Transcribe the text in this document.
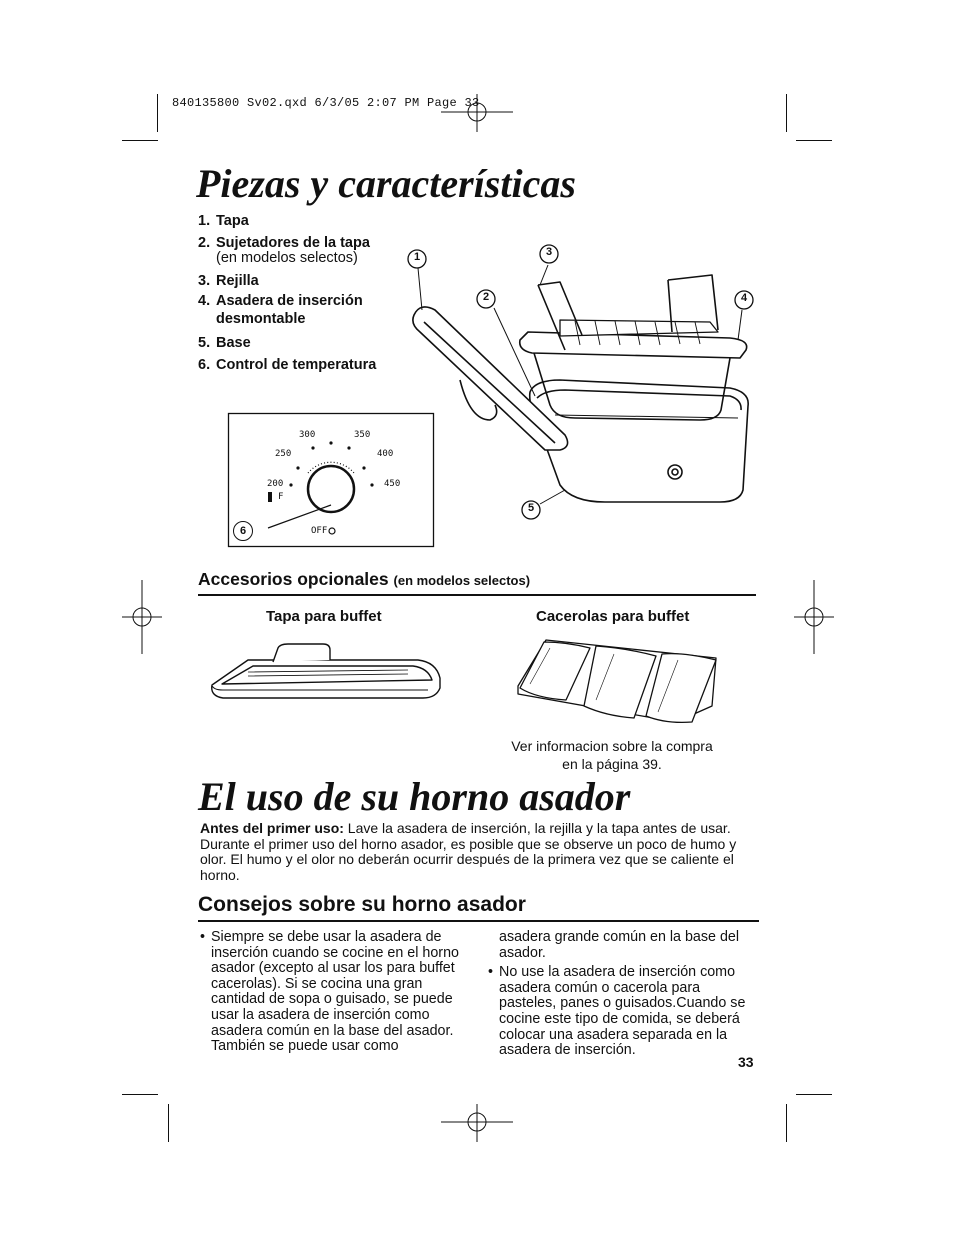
840135800 Sv02.qxd 6/3/05 2:07 PM Page 33
Piezas y características
1. Tapa
2. Sujetadores de la tapa
(en modelos selectos)
3. Rejilla
4. Asadera de inserción desmontable
5. Base
6. Control de temperatura
200
250
300	350
400
450
F
OFF
6
1
2
3
4
5
Accesorios opcionales (en modelos selectos)
Tapa para buffet	Cacerolas para buffet
Ver informacion sobre la compra
en la página 39.
El uso de su horno asador
Antes del primer uso: Lave la asadera de inserción, la rejilla y la tapa antes de usar. Durante el primer uso del horno asador, es posible que se observe un poco de humo y olor. El humo y el olor no deberán ocurrir después de la primera vez que se caliente el horno.
Consejos sobre su horno asador
• Siempre se debe usar la asadera de inserción cuando se cocine en el horno asador (excepto al usar los para buffet cacerolas). Si se cocina una gran cantidad de sopa o guisado, se puede usar la asadera de inserción como asadera común en la base del asador. También se puede usar como
asadera grande común en la base del asador.
• No use la asadera de inserción como asadera común o cacerola para pasteles, panes o guisados.Cuando se cocine este tipo de comida, se deberá colocar una asadera separada en la asadera de inserción.
33
